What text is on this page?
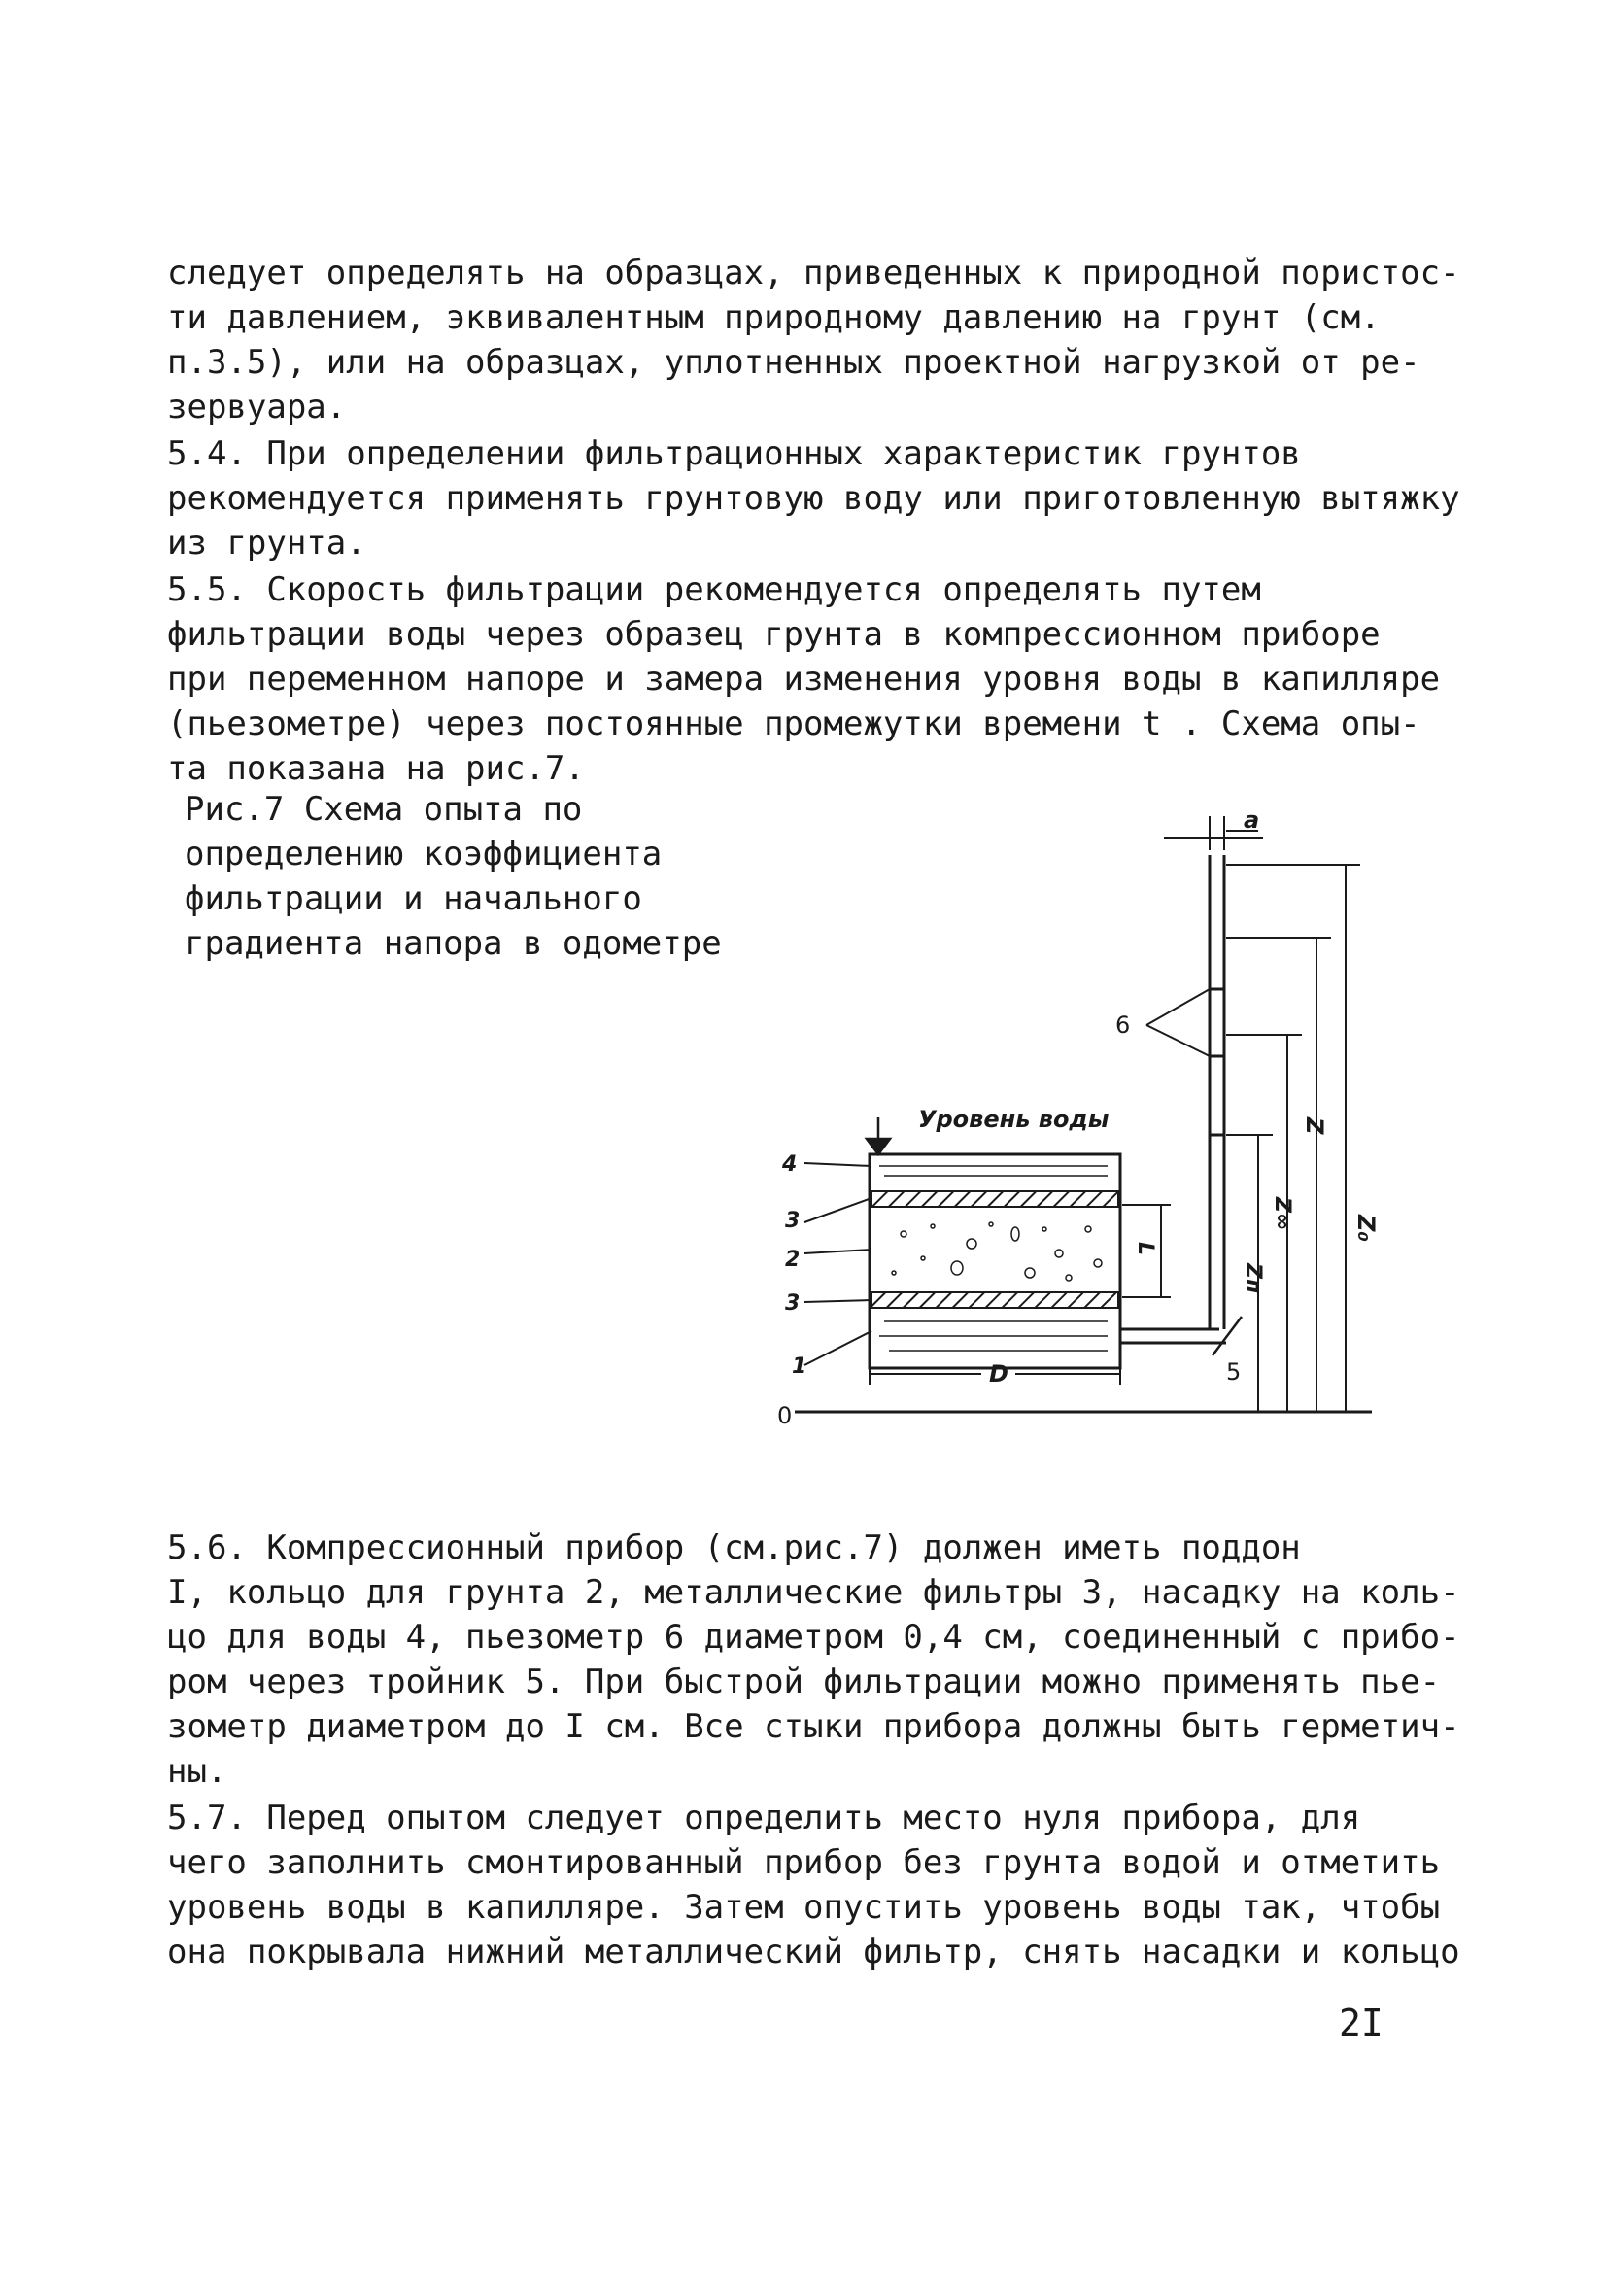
следует определять на образцах, приведенных к природной пористос-
ти давлением, эквивалентным природному давлению на грунт (см.
п.3.5), или на образцах, уплотненных проектной нагрузкой от ре-
зервуара.
5.4. При определении фильтрационных характеристик грунтов
рекомендуется применять грунтовую воду или приготовленную вытяжку
из грунта.
5.5. Скорость фильтрации рекомендуется определять путем
фильтрации воды через образец грунта в компрессионном приборе
при переменном напоре и замера изменения уровня воды в капилляре
(пьезометре) через постоянные промежутки времени t . Схема опы-
та показана на рис.7.
Рис.7 Схема опыта по
определению коэффициента
фильтрации и начального
градиента напора в одометре
0
5
a
Z₀
Z
Z∞
Zп
L
D
6
Уровень воды
4
3
2
3
1
5.6. Компрессионный прибор (см.рис.7) должен иметь поддон
I, кольцо для грунта 2, металлические фильтры 3, насадку на коль-
цо для воды 4, пьезометр 6 диаметром 0,4 см, соединенный с прибо-
ром через тройник 5. При быстрой фильтрации можно применять пье-
зометр диаметром до I см. Все стыки прибора должны быть герметич-
ны.
5.7. Перед опытом следует определить место нуля прибора, для
чего заполнить смонтированный прибор без грунта водой и отметить
уровень воды в капилляре. Затем опустить уровень воды так, чтобы
она покрывала нижний металлический фильтр, снять насадки и кольцо
2I
